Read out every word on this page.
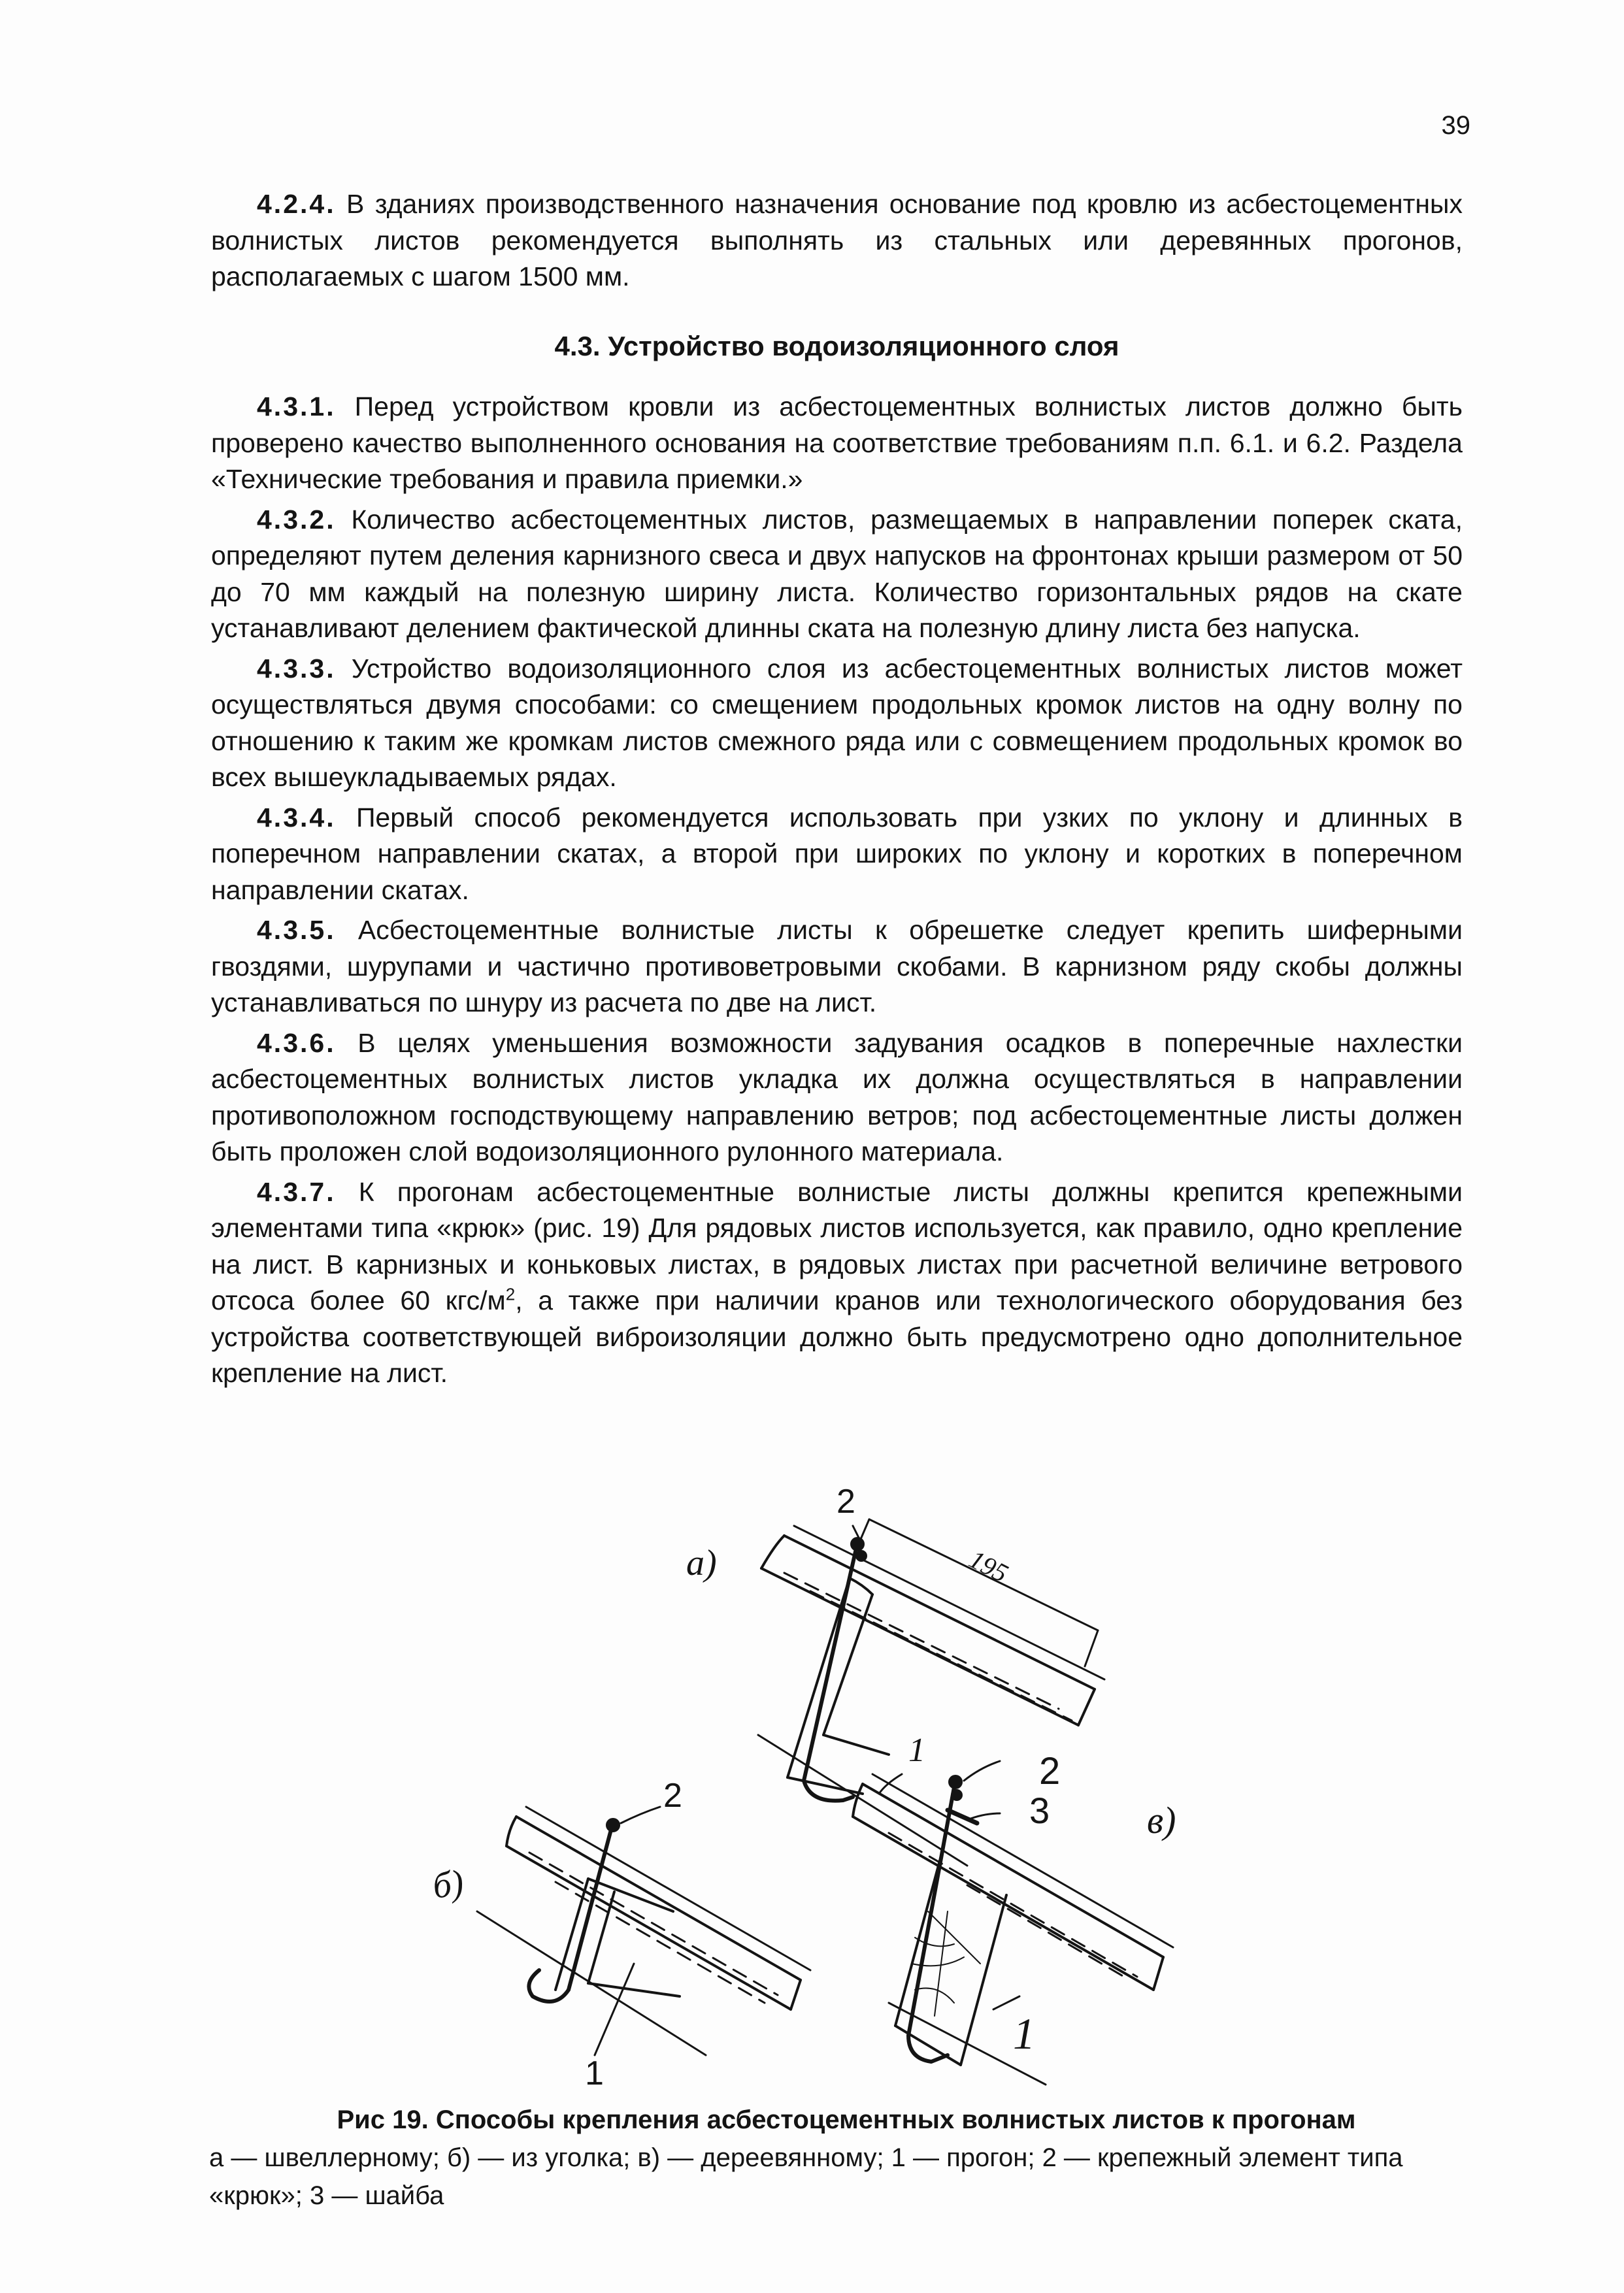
39

4.2.4. В зданиях производственного назначения основание под кровлю из асбестоцементных волнистых листов рекомендуется выполнять из стальных или деревянных прогонов, располагаемых с шагом 1500 мм.

4.3. Устройство водоизоляционного слоя

4.3.1. Перед устройством кровли из асбестоцементных волнистых листов должно быть проверено качество выполненного основания на соответствие требованиям п.п. 6.1. и 6.2. Раздела «Технические требования и правила приемки.»

4.3.2. Количество асбестоцементных листов, размещаемых в направлении поперек ската, определяют путем деления карнизного свеса и двух напусков на фронтонах крыши размером от 50 до 70 мм каждый на полезную ширину листа. Количество горизонтальных рядов на скате устанавливают делением фактической длинны ската на полезную длину листа без напуска.

4.3.3. Устройство водоизоляционного слоя из асбестоцементных волнистых листов может осуществляться двумя способами: со смещением продольных кромок листов на одну волну по отношению к таким же кромкам листов смежного ряда или с совмещением продольных кромок во всех вышеукладываемых рядах.

4.3.4. Первый способ рекомендуется использовать при узких по уклону и длинных в поперечном направлении скатах, а второй при широких по уклону и коротких в поперечном направлении скатах.

4.3.5. Асбестоцементные волнистые листы к обрешетке следует крепить шиферными гвоздями, шурупами и частично противоветровыми скобами. В карнизном ряду скобы должны устанавливаться по шнуру из расчета по две на лист.

4.3.6. В целях уменьшения возможности задувания осадков в поперечные нахлестки асбестоцементных волнистых листов укладка их должна осуществляться в направлении противоположном господствующему направлению ветров; под асбестоцементные листы должен быть проложен слой водоизоляционного рулонного материала.

4.3.7. К прогонам асбестоцементные волнистые листы должны крепится крепежными элементами типа «крюк» (рис. 19) Для рядовых листов используется, как правило, одно крепление на лист. В карнизных и коньковых листах, в рядовых листах при расчетной величине ветрового отсоса более 60 кгс/$м^2$, а также при наличии кранов или технологического оборудования без устройства соответствующей виброизоляции должно быть предусмотрено одно дополнительное крепление на лист.

а)	195
2
1
б)
2
1
в)
2
3
1
Рис 19. Способы крепления асбестоцементных волнистых листов к прогонам
а — швеллерному; б) — из уголка; в) — дереевянному; 1 — прогон; 2 — крепежный элемент типа «крюк»; 3 — шайба
